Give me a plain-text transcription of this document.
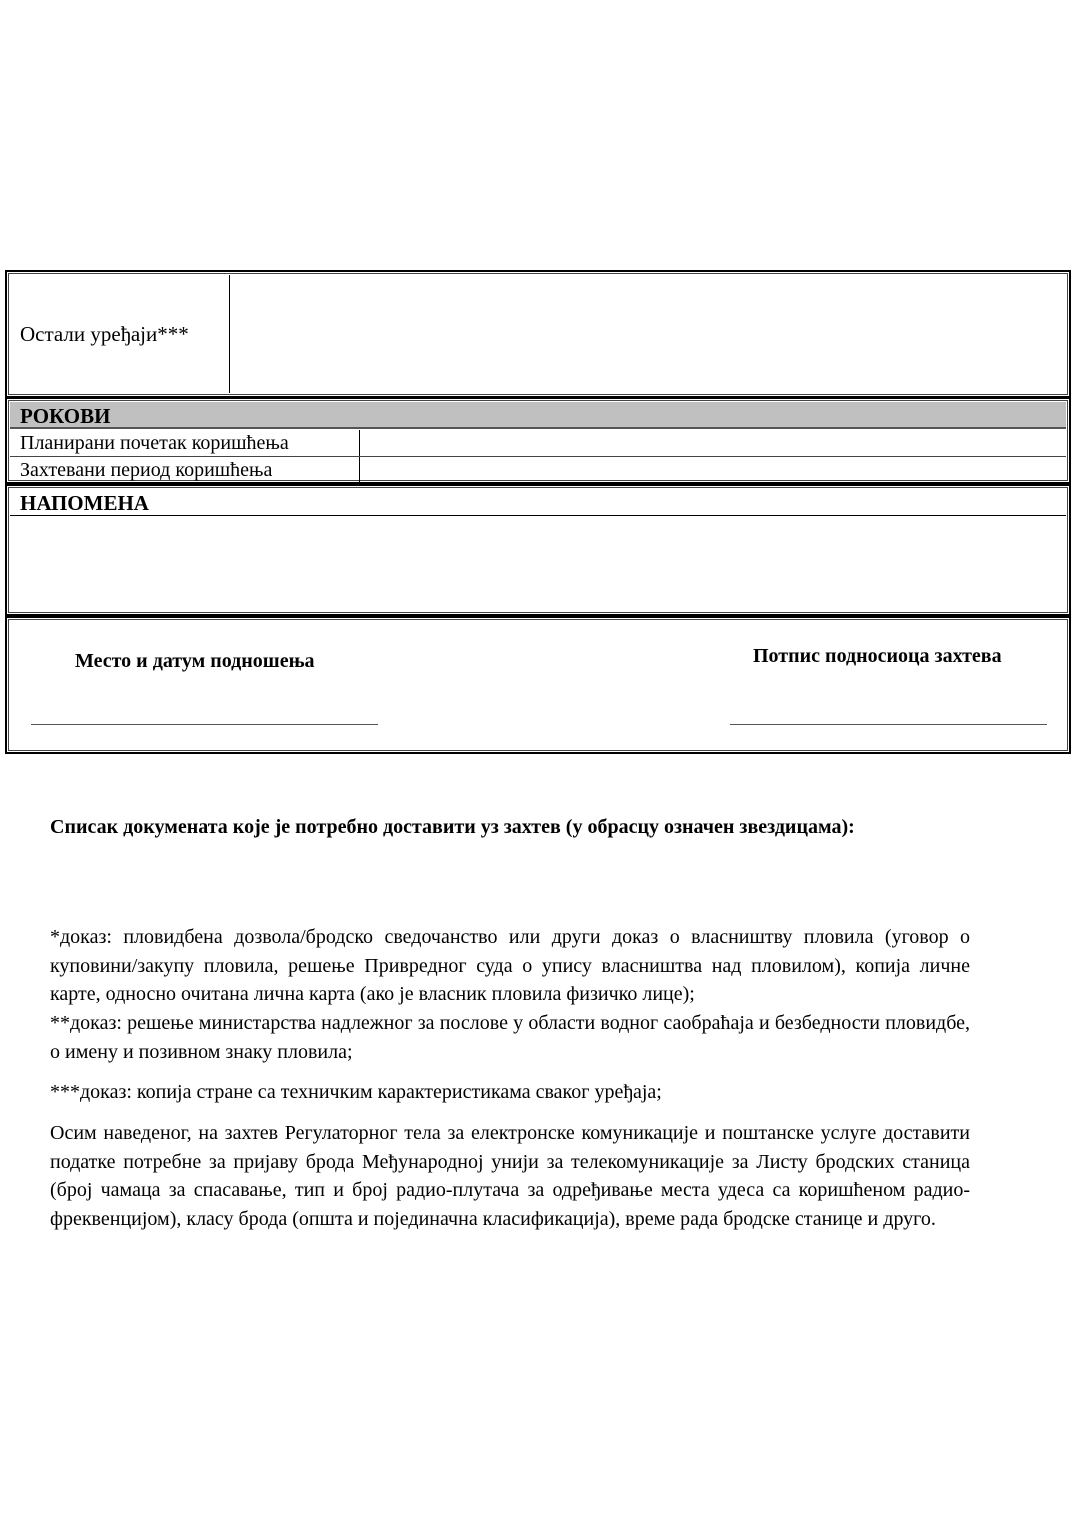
Остали уређаји***
РОКОВИ
Планирани почетак коришћења
Захтевани период коришћења
НАПОМЕНА
Место и датум подношења	Потпис подносиоца захтева
Списак докумената које је потребно доставити уз захтев (у обрасцу означен звездицама):
*доказ: пловидбена дозвола/бродско сведочанство или други доказ о власништву пловила (уговор о куповини/закупу пловила, решење Привредног суда о упису власништва над пловилом), копија личне карте, односно очитана лична карта (ако је власник пловила физичко лице);
**доказ: решење министарства надлежног за послове у области водног саобраћаја и безбедности пловидбе, о имену и позивном знаку пловила;
***доказ: копија стране са техничким карактеристикама сваког уређаја;
Осим наведеног, на захтев Регулаторног тела за електронске комуникације и поштанске услуге доставити податке потребне за пријаву брода Међународној унији за телекомуникације за Листу бродских станица (број чамаца за спасавање, тип и број радио-плутача за одређивање места удеса са коришћеном радио-фреквенцијом), класу брода (општа и појединачна класификација), време рада бродске станице и друго.
